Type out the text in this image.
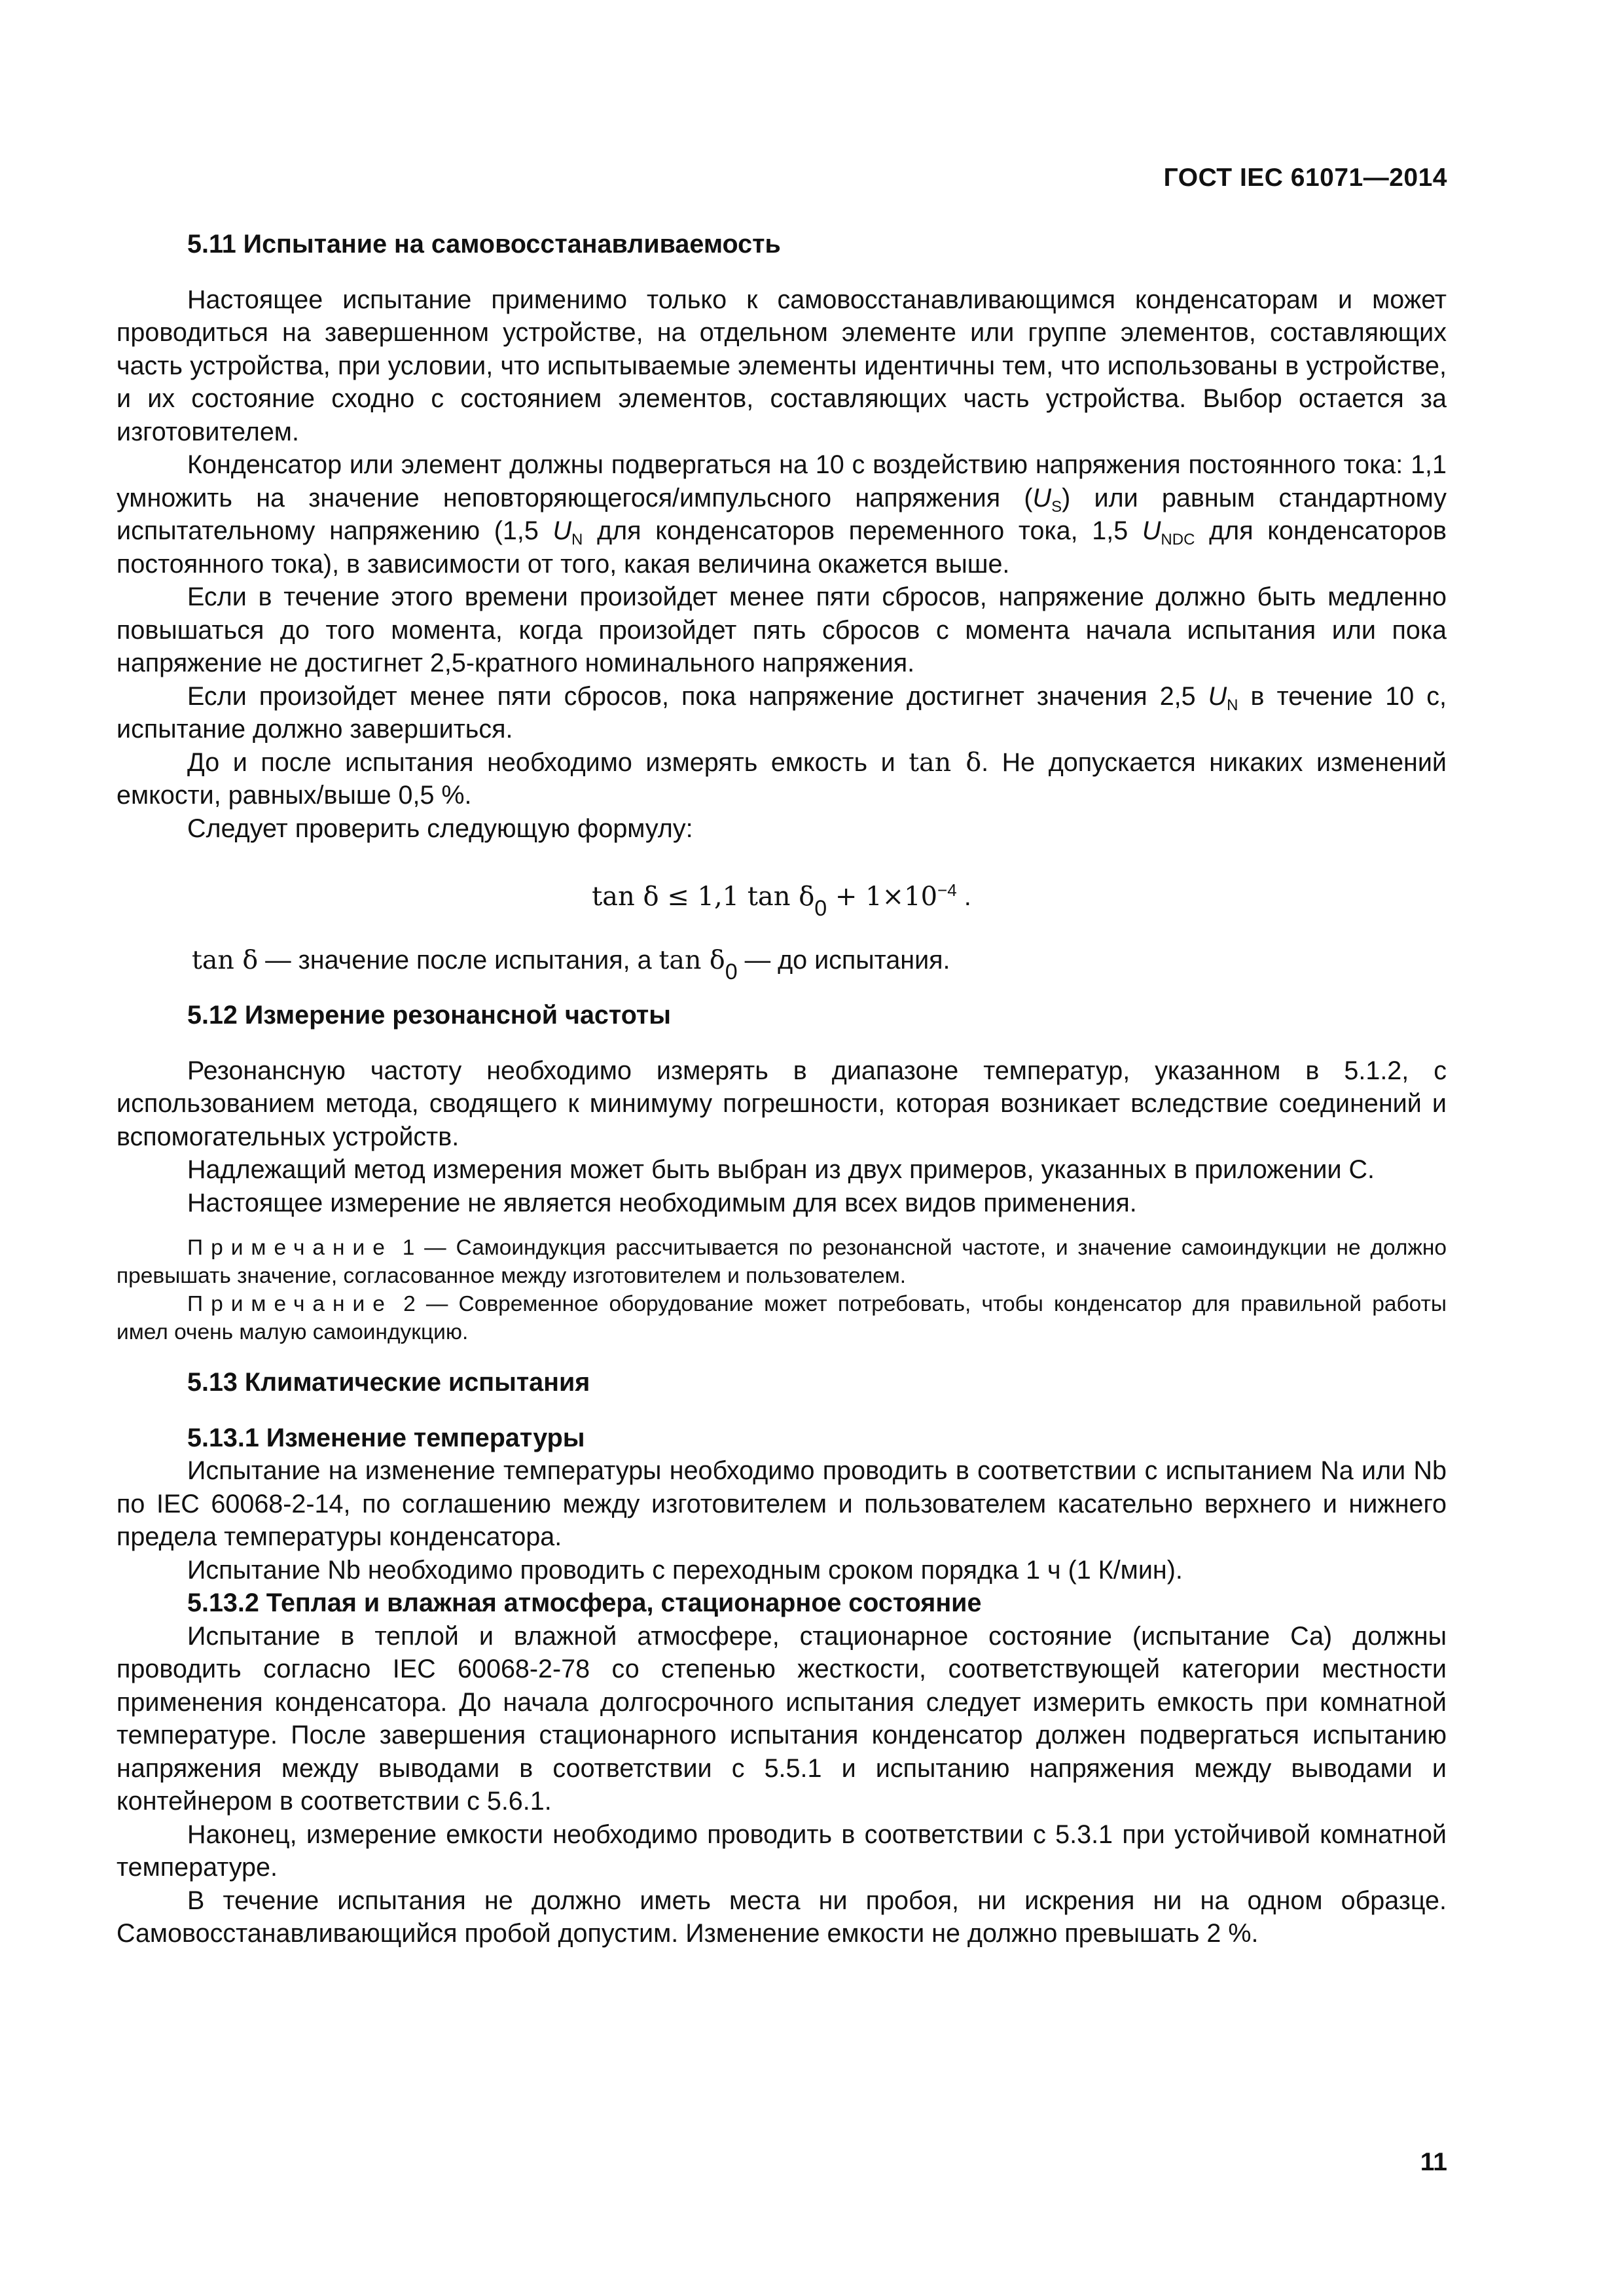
ГОСТ IEC 61071—2014
5.11 Испытание на самовосстанавливаемость

Настоящее испытание применимо только к самовосстанавливающимся конденсаторам и может проводиться на завершенном устройстве, на отдельном элементе или группе элементов, составляющих часть устройства, при условии, что испытываемые элементы идентичны тем, что использованы в устройстве, и их состояние сходно с состоянием элементов, составляющих часть устройства. Выбор остается за изготовителем.

Конденсатор или элемент должны подвергаться на 10 с воздействию напряжения постоянного тока: 1,1 умножить на значение неповторяющегося/импульсного напряжения $(U_S)$ или равным стандартному испытательному напряжению (1,5 $U_N$ для конденсаторов переменного тока, 1,5 $U_{NDC}$ для конденсаторов постоянного тока), в зависимости от того, какая величина окажется выше.

Если в течение этого времени произойдет менее пяти сбросов, напряжение должно быть медленно повышаться до того момента, когда произойдет пять сбросов с момента начала испытания или пока напряжение не достигнет 2,5-кратного номинального напряжения.

Если произойдет менее пяти сбросов, пока напряжение достигнет значения 2,5 $U_N$ в течение 10 с, испытание должно завершиться.

До и после испытания необходимо измерять емкость и tan δ. Не допускается никаких изменений емкости, равных/выше 0,5 %.

Следует проверить следующую формулу:

tan δ ≤ 1,1 $\tan \delta_0 + 1\times 10^{-4}$ .

tan δ — значение после испытания, а tan δ0 — до испытания.

5.12 Измерение резонансной частоты

Резонансную частоту необходимо измерять в диапазоне температур, указанном в 5.1.2, с использованием метода, сводящего к минимуму погрешности, которая возникает вследствие соединений и вспомогательных устройств.

Надлежащий метод измерения может быть выбран из двух примеров, указанных в приложении С.

Настоящее измерение не является необходимым для всех видов применения.

Примечание 1 — Самоиндукция рассчитывается по резонансной частоте, и значение самоиндукции не должно превышать значение, согласованное между изготовителем и пользователем.

Примечание 2 — Современное оборудование может потребовать, чтобы конденсатор для правильной работы имел очень малую самоиндукцию.

5.13 Климатические испытания
5.13.1 Изменение температуры

Испытание на изменение температуры необходимо проводить в соответствии с испытанием Na или Nb по IEC 60068-2-14, по соглашению между изготовителем и пользователем касательно верхнего и нижнего предела температуры конденсатора.

Испытание Nb необходимо проводить с переходным сроком порядка 1 ч (1 К/мин).

5.13.2 Теплая и влажная атмосфера, стационарное состояние

Испытание в теплой и влажной атмосфере, стационарное состояние (испытание Са) должны проводить согласно IEC 60068-2-78 со степенью жесткости, соответствующей категории местности применения конденсатора. До начала долгосрочного испытания следует измерить емкость при комнатной температуре. После завершения стационарного испытания конденсатор должен подвергаться испытанию напряжения между выводами в соответствии с 5.5.1 и испытанию напряжения между выводами и контейнером в соответствии с 5.6.1.

Наконец, измерение емкости необходимо проводить в соответствии с 5.3.1 при устойчивой комнатной температуре.

В течение испытания не должно иметь места ни пробоя, ни искрения ни на одном образце. Самовосстанавливающийся пробой допустим. Изменение емкости не должно превышать 2 %.

11
